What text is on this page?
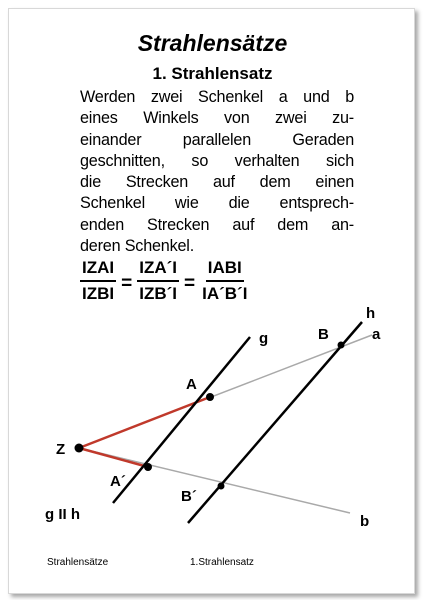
Strahlensätze
1. Strahlensatz

Werden zwei Schenkel a und b
eines Winkels von zwei zu-
einander parallelen Geraden
geschnitten, so verhalten sich
die Strecken auf dem einen
Schenkel wie die entsprech-
enden Strecken auf dem an-
deren Schenkel.

$\frac{\text{IZAI}}{\text{IZBI}} = \frac{\text{IZA´I}}{\text{IZB´I}} = \frac{\text{IABI}}{IA´B´I}$
g
h
a
b
A
B
Z
A´
B´
g II h

Strahlensätze	1.Strahlensatz
